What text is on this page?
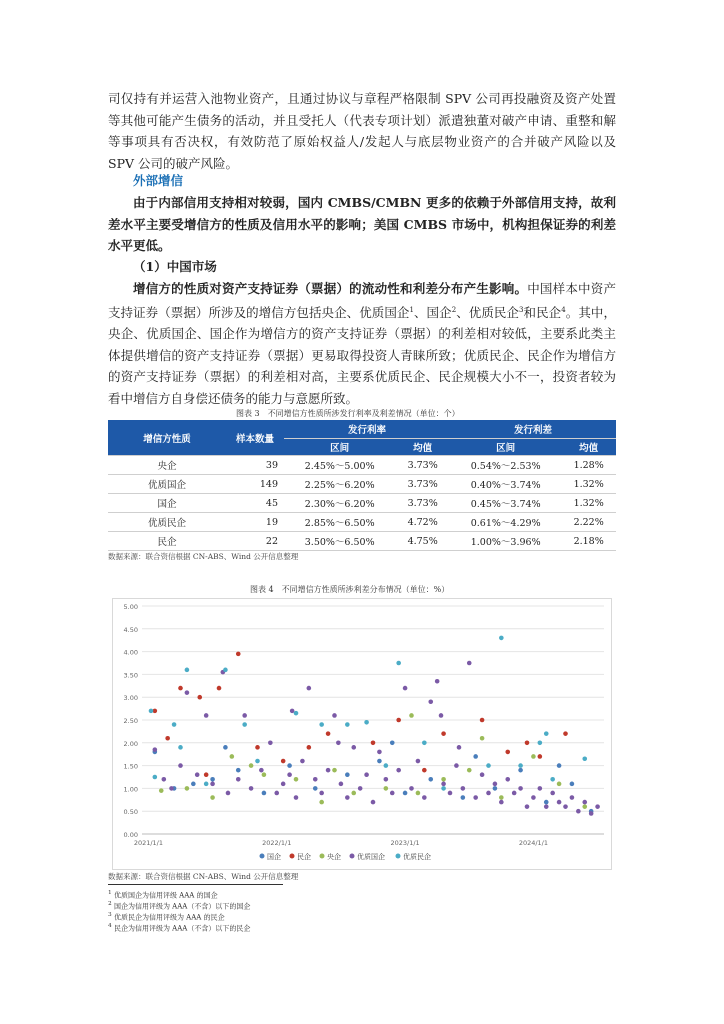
司仅持有并运营入池物业资产，且通过协议与章程严格限制 SPV 公司再投融资及资产处置等其他可能产生债务的活动，并且受托人（代表专项计划）派遣独董对破产申请、重整和解等事项具有否决权，有效防范了原始权益人/发起人与底层物业资产的合并破产风险以及 SPV 公司的破产风险。

外部增信

由于内部信用支持相对较弱，国内 CMBS/CMBN 更多的依赖于外部信用支持，故利差水平主要受增信方的性质及信用水平的影响；美国 CMBS 市场中，机构担保证券的利差水平更低。

（1）中国市场

增信方的性质对资产支持证券（票据）的流动性和利差分布产生影响。中国样本中资产支持证券（票据）所涉及的增信方包括央企、优质国企$^1$、国企$^2$、优质民企$^3$和民企$^4$。其中，央企、优质国企、国企作为增信方的资产支持证券（票据）的利差相对较低，主要系此类主体提供增信的资产支持证券（票据）更易取得投资人青睐所致；优质民企、民企作为增信方的资产支持证券（票据）的利差相对高，主要系优质民企、民企规模大小不一，投资者较为看中增信方自身偿还债务的能力与意愿所致。

图表 3　不同增信方性质所涉发行利率及利差情况（单位：个）
增信方性质	样本数量	发行利率		发行利差	
		区间	均值	区间	均值
央企	39	2.45%～5.00%	3.73%	0.54%～2.53%	1.28%
优质国企	149	2.25%～6.20%	3.73%	0.40%～3.74%	1.32%
国企	45	2.30%～6.20%	3.73%	0.45%～3.74%	1.32%
优质民企	19	2.85%～6.50%	4.72%	0.61%～4.29%	2.22%
民企	22	3.50%～6.50%	4.75%	1.00%～3.96%	2.18%
数据来源：联合资信根据 CN-ABS、Wind 公开信息整理
图表 4　不同增信方性质所涉利差分布情况（单位：%）
0.00
0.50
1.00
1.50
2.00
2.50
3.00
3.50
4.00
4.50
5.00
2021/1/1	2022/1/1	2023/1/1	2024/1/1
国企 民企 央企 优质国企	优质民企
数据来源：联合资信根据 CN-ABS、Wind 公开信息整理
$^1$ 优质国企为信用评级 AAA 的国企
$^2$ 国企为信用评级为 AAA（不含）以下的国企
$^3$ 优质民企为信用评级为 AAA 的民企
$^4$ 民企为信用评级为 AAA（不含）以下的民企
